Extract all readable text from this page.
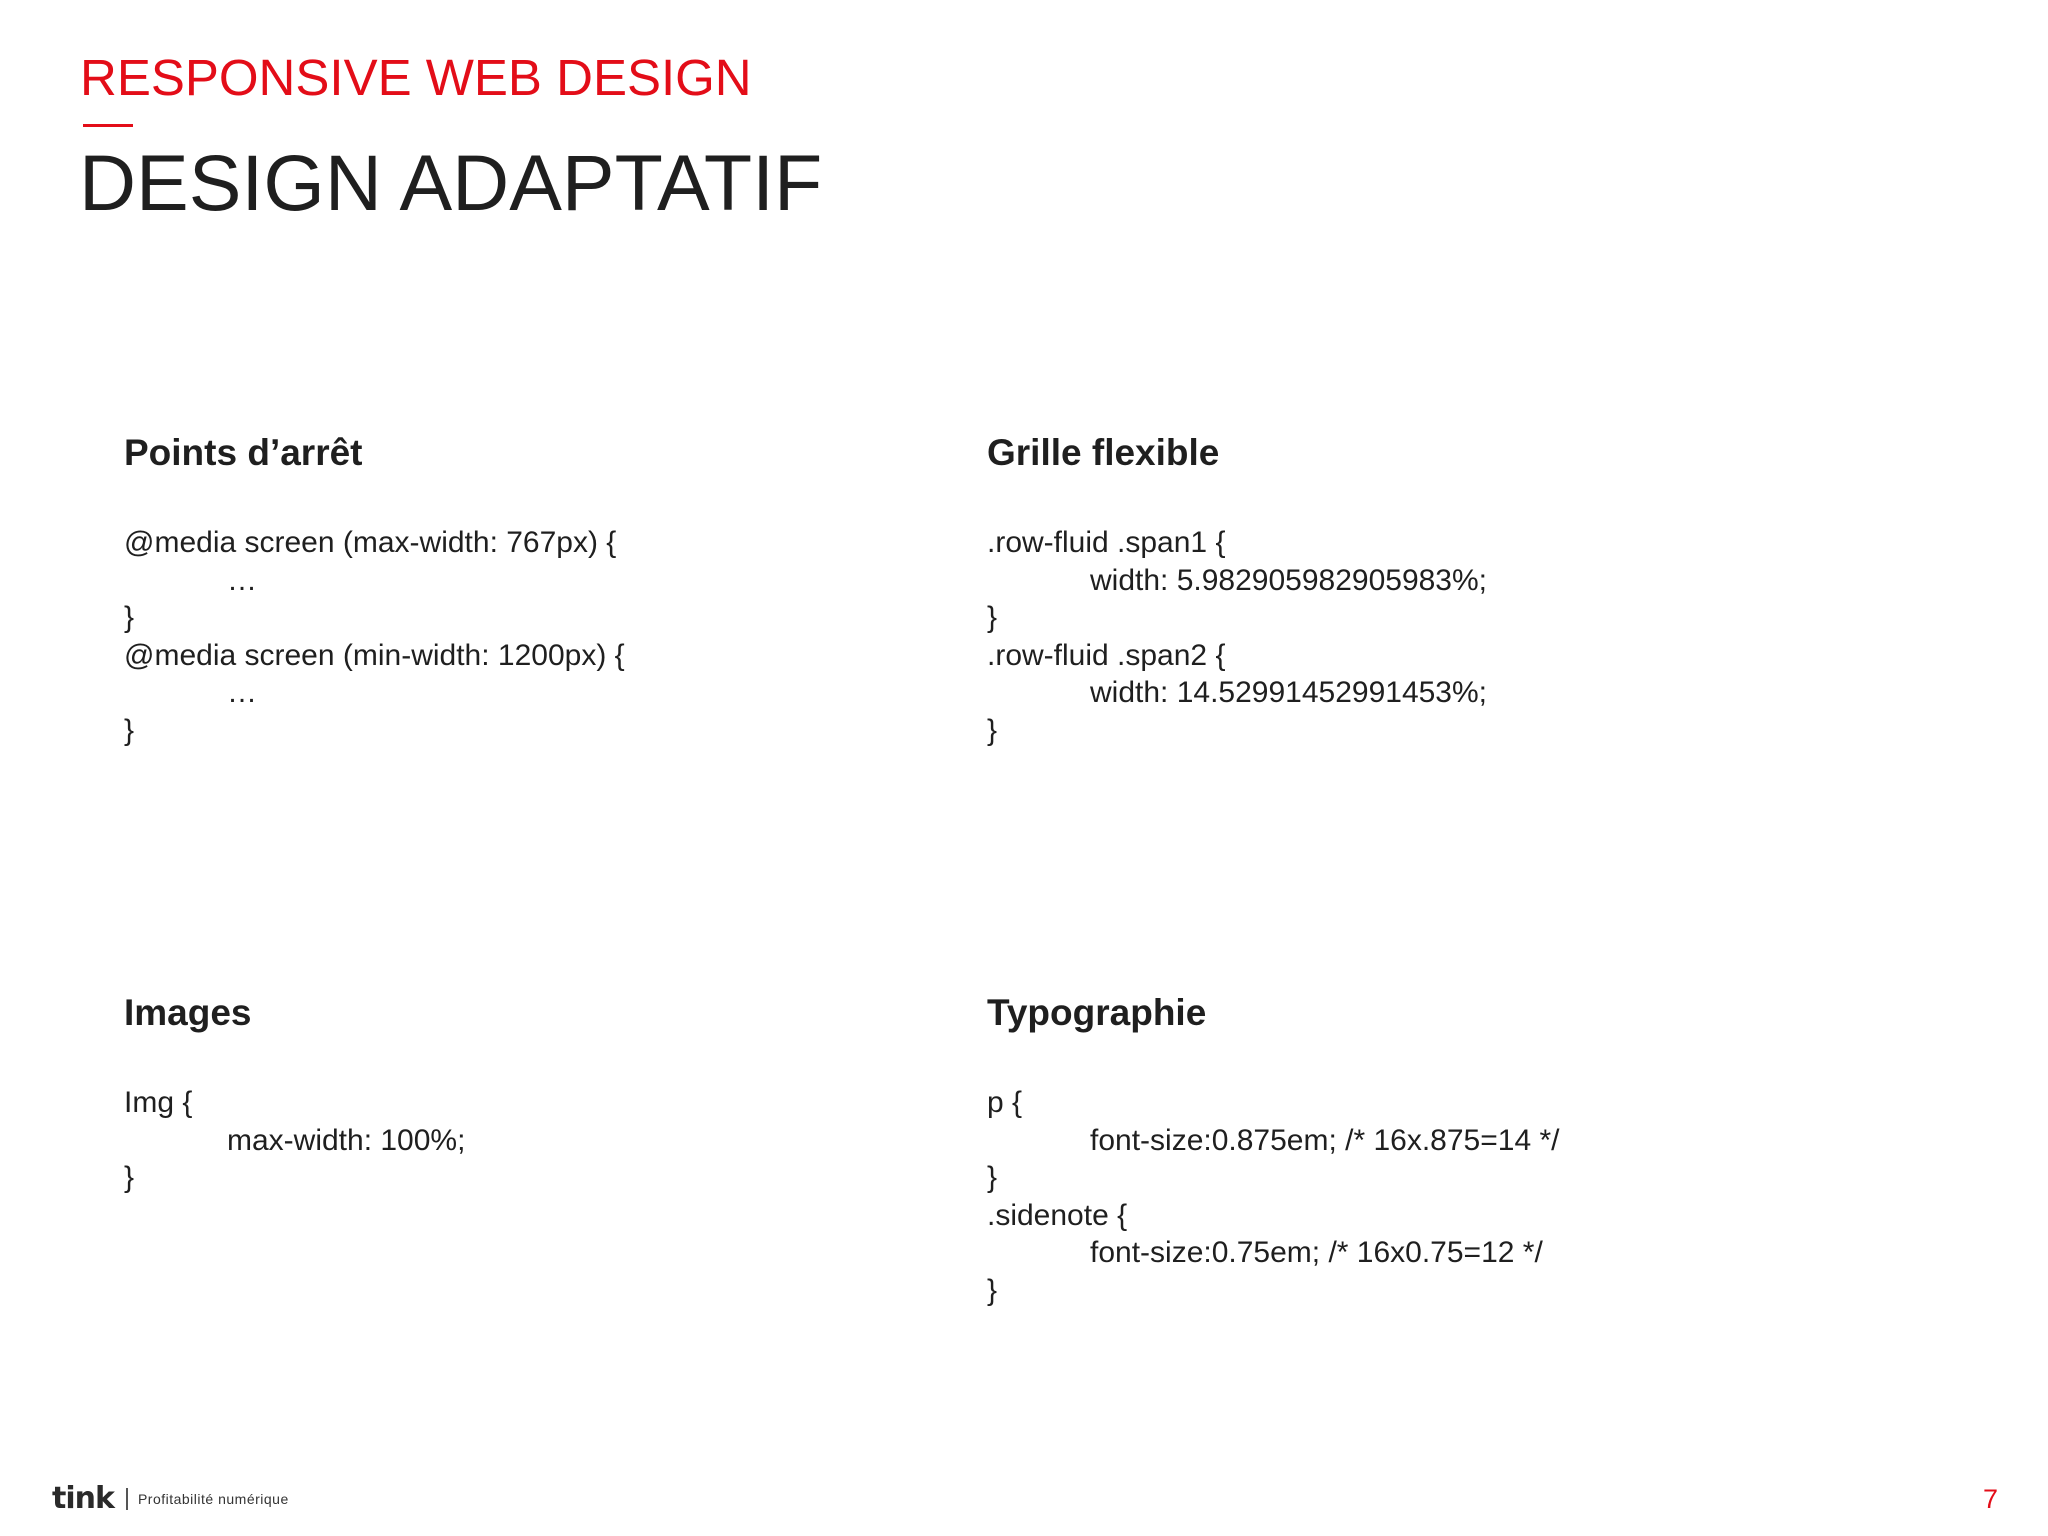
RESPONSIVE WEB DESIGN
DESIGN ADAPTATIF
Points d’arrêt
@media screen (max-width: 767px) {
…
}
@media screen (min-width: 1200px) {
…
}
Grille flexible
.row-fluid .span1 {
width: 5.982905982905983%;
}
.row-fluid .span2 {
width: 14.52991452991453%;
}
Images
Img {
max-width: 100%;
}
Typographie
p {
font-size:0.875em; /* 16x.875=14 */
}
.sidenote {
font-size:0.75em; /* 16x0.75=12 */
}
tink Profitabilité numérique	7
